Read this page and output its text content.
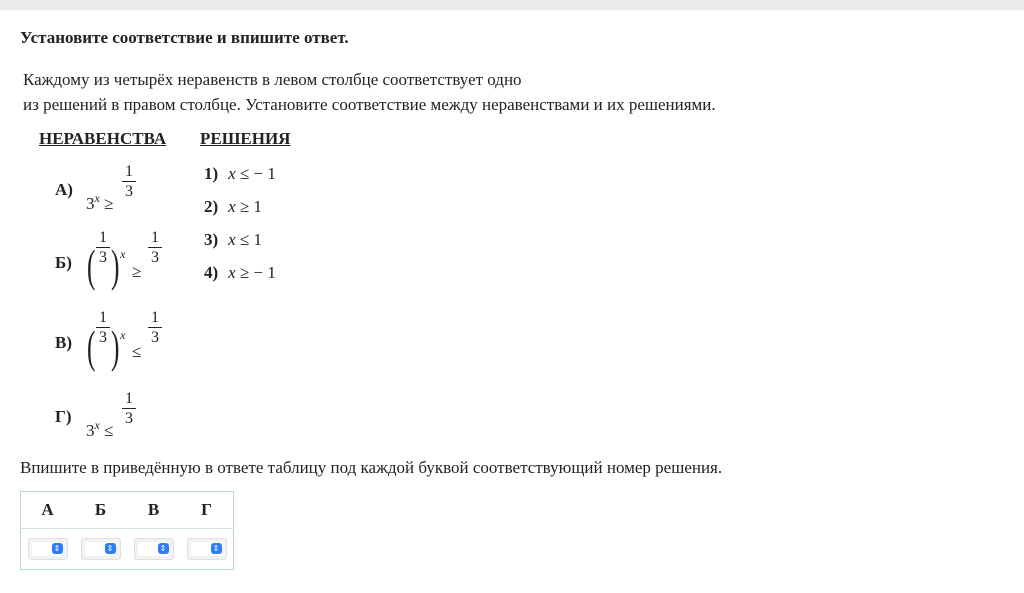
Установите соответствие и впишите ответ.
Каждому из четырёх неравенств в левом столбце соответствует одно
из решений в правом столбце. Установите соответствие между неравенствами и их решениями.
НЕРАВЕНСТВА РЕШЕНИЯ
А)
$3^x$ ≥
1
3
Б) (
1
3 ) x
≥
1
3
В) (
1
3 ) x
≤
1
3
Г)
$3^x$ ≤
1
3
1) x ≤ − 1
2) x ≥ 1
3) x ≤ 1
4) x ≥ − 1
Впишите в приведённую в ответе таблицу под каждой буквой соответствующий номер решения.
А	Б	В	Г

⇕	⇕	⇕	⇕
